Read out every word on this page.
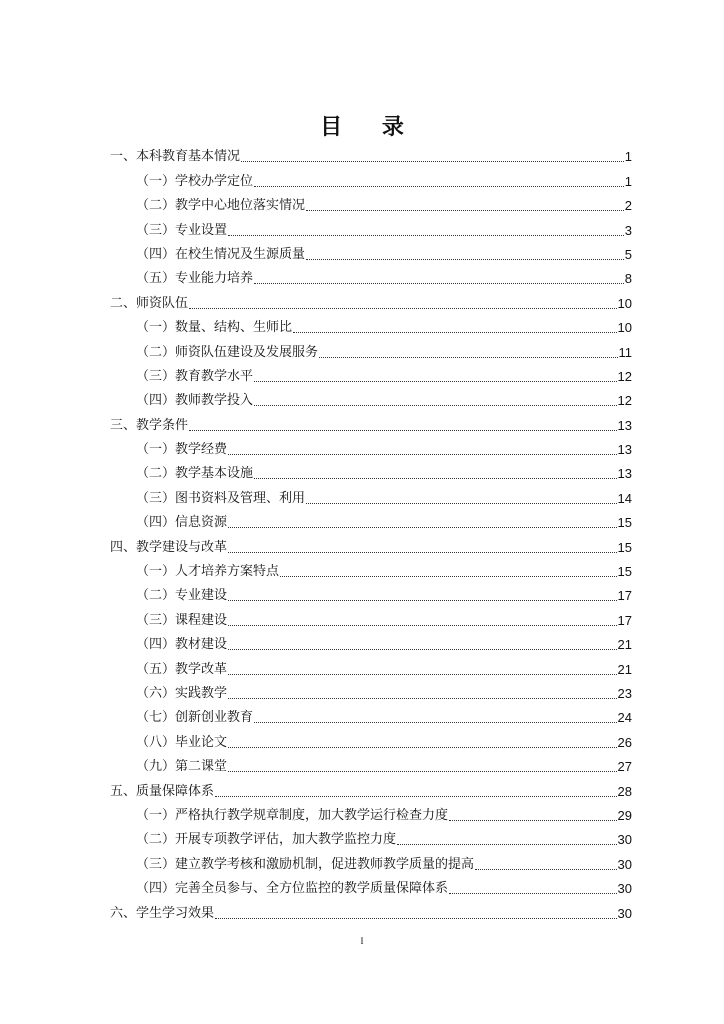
目 录
一、本科教育基本情况	1
（一）学校办学定位	1
（二）教学中心地位落实情况	2
（三）专业设置	3
（四）在校生情况及生源质量	5
（五）专业能力培养	8
二、师资队伍	10
（一）数量、结构、生师比	10
（二）师资队伍建设及发展服务	11
（三）教育教学水平	12
（四）教师教学投入	12
三、教学条件	13
（一）教学经费	13
（二）教学基本设施	13
（三）图书资料及管理、利用	14
（四）信息资源	15
四、教学建设与改革	15
（一）人才培养方案特点	15
（二）专业建设	17
（三）课程建设	17
（四）教材建设	21
（五）教学改革	21
（六）实践教学	23
（七）创新创业教育	24
（八）毕业论文	26
（九）第二课堂	27
五、质量保障体系	28
（一）严格执行教学规章制度，加大教学运行检查力度	29
（二）开展专项教学评估，加大教学监控力度	30
（三）建立教学考核和激励机制，促进教师教学质量的提高	30
（四）完善全员参与、全方位监控的教学质量保障体系	30
六、学生学习效果	30
I
